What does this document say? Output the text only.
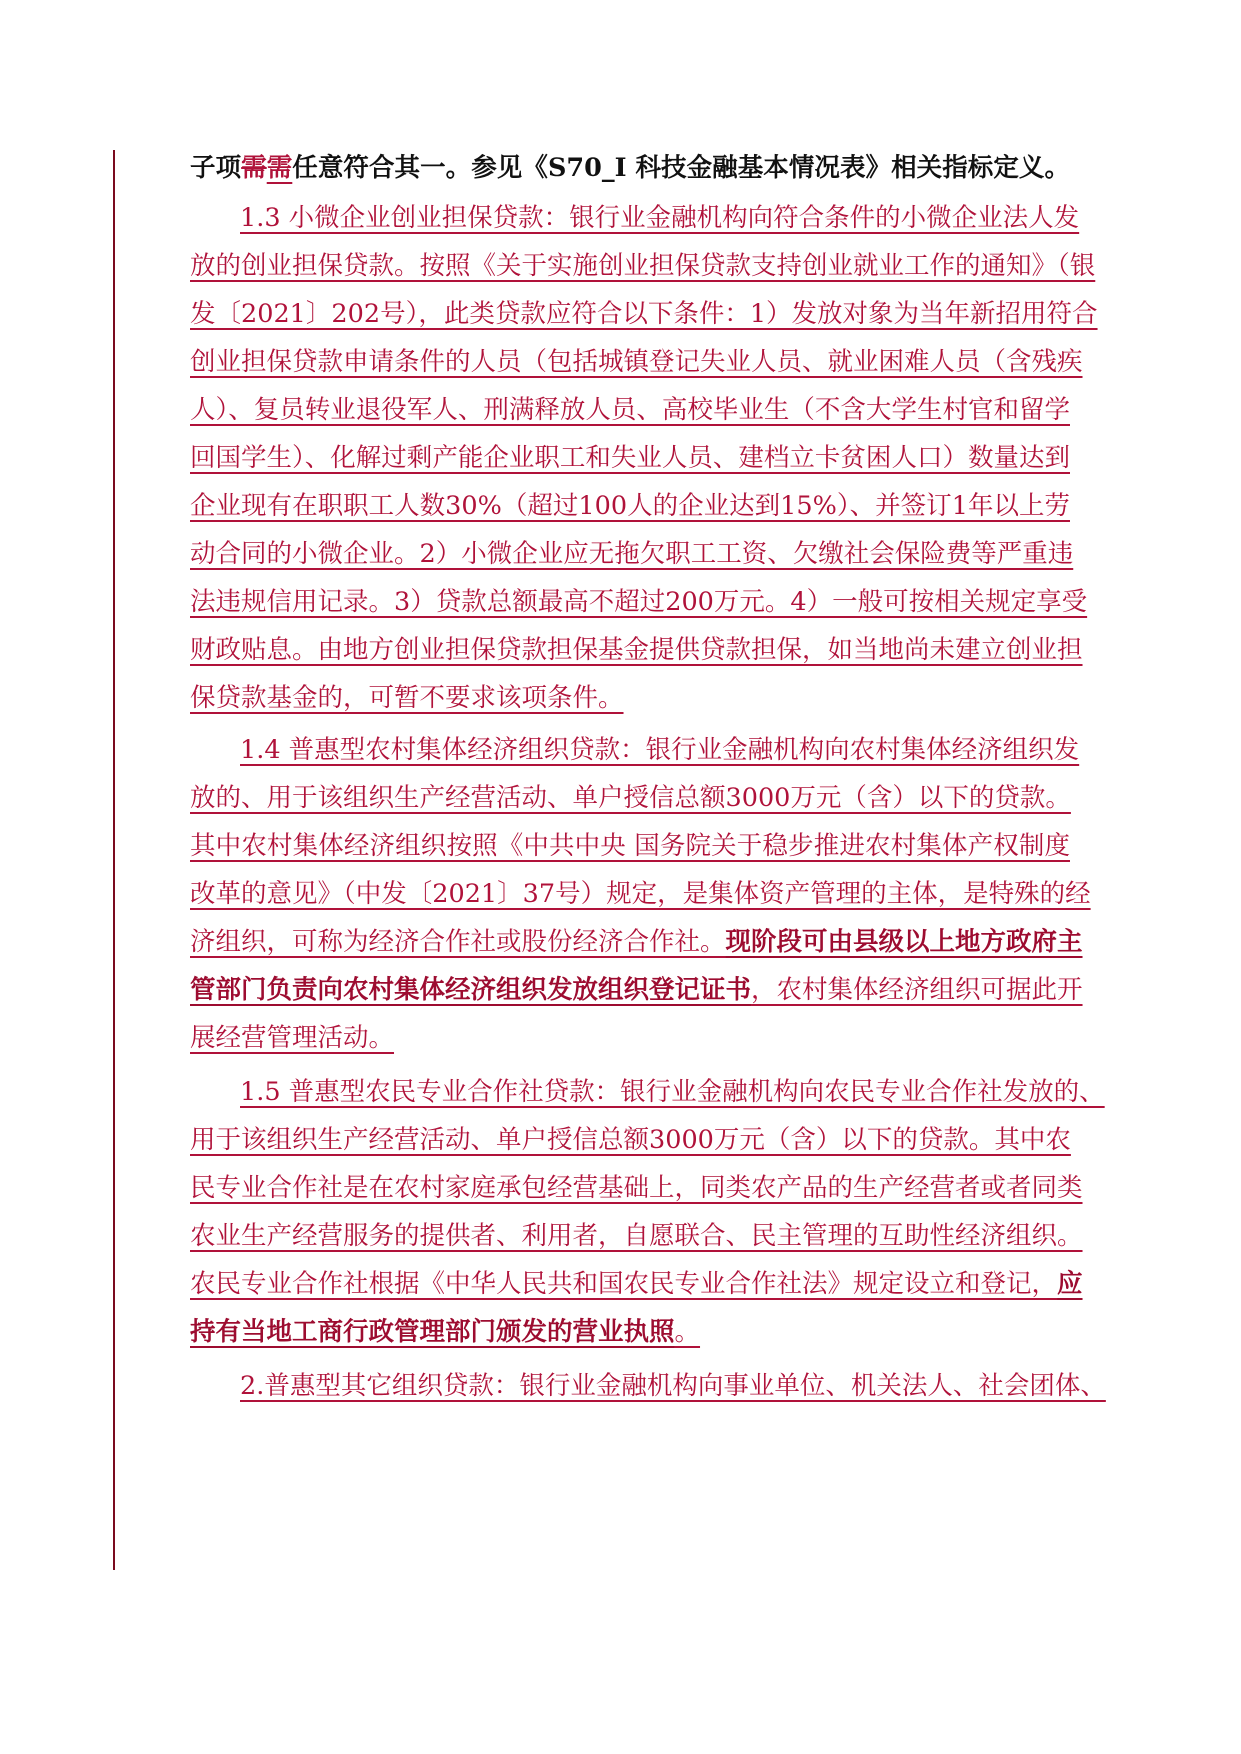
子项需需任意符合其一。参见《S70_I 科技金融基本情况表》相关指标定义。

1.3 小微企业创业担保贷款：银行业金融机构向符合条件的小微企业法人发

放的创业担保贷款。按照《关于实施创业担保贷款支持创业就业工作的通知》（银

发〔2021〕202号），此类贷款应符合以下条件：1）发放对象为当年新招用符合

创业担保贷款申请条件的人员（包括城镇登记失业人员、就业困难人员（含残疾

人）、复员转业退役军人、刑满释放人员、高校毕业生（不含大学生村官和留学

回国学生）、化解过剩产能企业职工和失业人员、建档立卡贫困人口）数量达到

企业现有在职职工人数30%（超过100人的企业达到15%）、并签订1年以上劳

动合同的小微企业。2）小微企业应无拖欠职工工资、欠缴社会保险费等严重违

法违规信用记录。3）贷款总额最高不超过200万元。4）一般可按相关规定享受

财政贴息。由地方创业担保贷款担保基金提供贷款担保，如当地尚未建立创业担

保贷款基金的，可暂不要求该项条件。

1.4 普惠型农村集体经济组织贷款：银行业金融机构向农村集体经济组织发

放的、用于该组织生产经营活动、单户授信总额3000万元（含）以下的贷款。

其中农村集体经济组织按照《中共中央 国务院关于稳步推进农村集体产权制度

改革的意见》（中发〔2021〕37号）规定，是集体资产管理的主体，是特殊的经

济组织，可称为经济合作社或股份经济合作社。现阶段可由县级以上地方政府主

管部门负责向农村集体经济组织发放组织登记证书，农村集体经济组织可据此开

展经营管理活动。

1.5 普惠型农民专业合作社贷款：银行业金融机构向农民专业合作社发放的、

用于该组织生产经营活动、单户授信总额3000万元（含）以下的贷款。其中农

民专业合作社是在农村家庭承包经营基础上，同类农产品的生产经营者或者同类

农业生产经营服务的提供者、利用者，自愿联合、民主管理的互助性经济组织。

农民专业合作社根据《中华人民共和国农民专业合作社法》规定设立和登记，应

持有当地工商行政管理部门颁发的营业执照。

2.普惠型其它组织贷款：银行业金融机构向事业单位、机关法人、社会团体、
